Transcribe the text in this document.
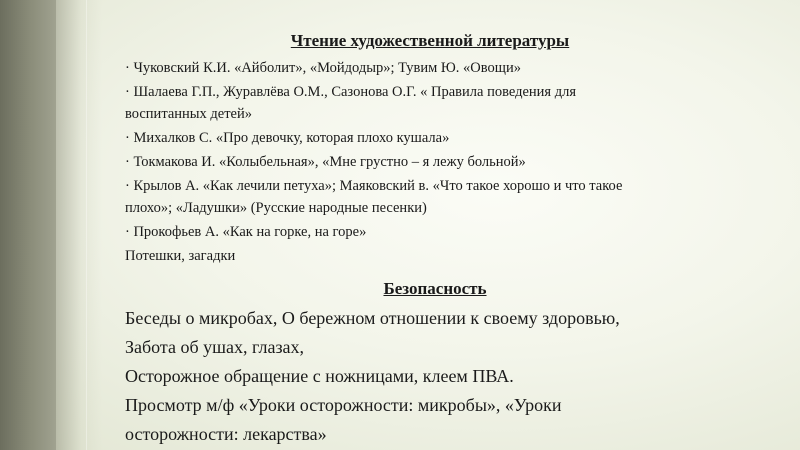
Чтение художественной литературы

· Чуковский К.И. «Айболит», «Мойдодыр»; Тувим Ю. «Овощи»

· Шалаева Г.П., Журавлёва О.М., Сазонова О.Г. « Правила поведения для

воспитанных детей»

· Михалков С. «Про девочку, которая плохо кушала»

· Токмакова И. «Колыбельная», «Мне грустно – я лежу больной»

· Крылов А. «Как лечили петуха»; Маяковский в. «Что такое хорошо и что такое

плохо»; «Ладушки» (Русские народные песенки)

· Прокофьев А. «Как на горке, на горе»

Потешки, загадки

Безопасность

Беседы о микробах, О бережном отношении к своему здоровью,

Забота об ушах, глазах,

Осторожное обращение с ножницами, клеем ПВА.

Просмотр м/ф «Уроки осторожности: микробы», «Уроки

осторожности: лекарства»
